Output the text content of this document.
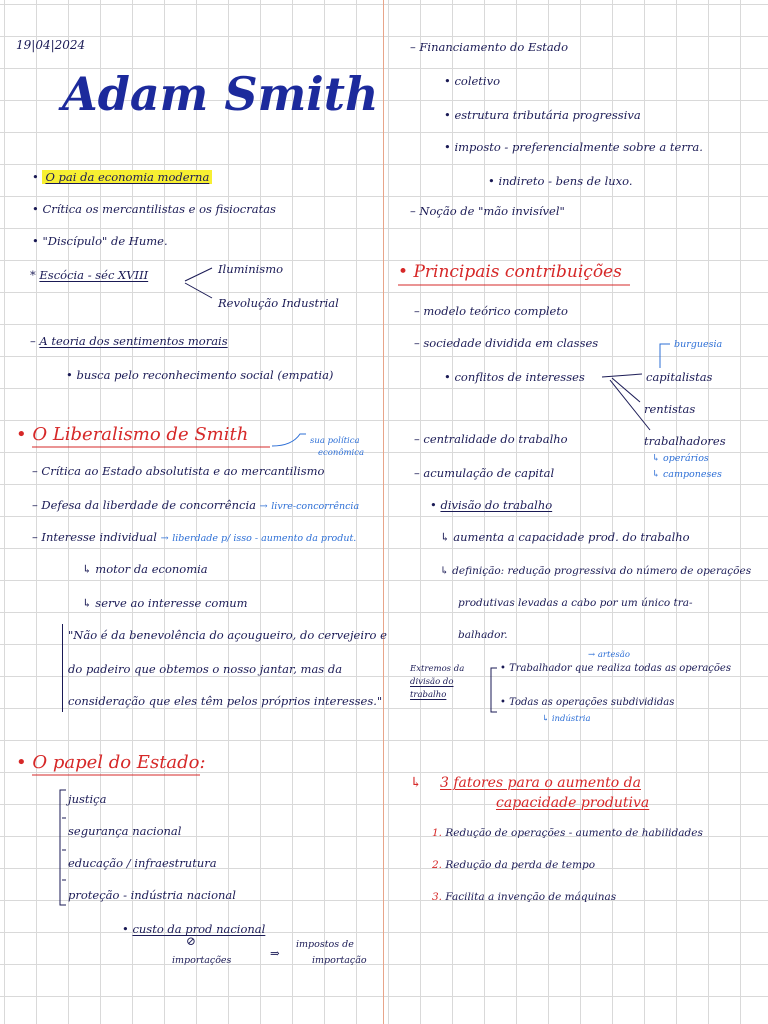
19|04|2024
Adam Smith
• O pai da economia moderna
• Crítica os mercantilistas e os fisiocratas
• "Discípulo" de Hume.
* Escócia - séc XVIII	Iluminismo
Revolução Industrial
– A teoria dos sentimentos morais
• busca pelo reconhecimento social (empatia)
• O Liberalismo de Smith	sua política
econômica
– Crítica ao Estado absolutista e ao mercantilismo
– Defesa da liberdade de concorrência → livre-concorrência
– Interesse individual → liberdade p/ isso - aumento da produt.
↳ motor da economia
↳ serve ao interesse comum
"Não é da benevolência do açougueiro, do cervejeiro e
do padeiro que obtemos o nosso jantar, mas da
consideração que eles têm pelos próprios interesses."
• O papel do Estado:
justiça
segurança nacional
educação / infraestrutura
proteção - indústria nacional
• custo da prod nacional
⊘
importações
⇒
impostos de
importação
– Financiamento do Estado
• coletivo
• estrutura tributária progressiva
• imposto - preferencialmente sobre a terra.
• indireto - bens de luxo.
– Noção de "mão invisível"
• Principais contribuições
– modelo teórico completo
– sociedade dividida em classes	burguesia
• conflitos de interesses	capitalistas
rentistas
trabalhadores
↳ operários
↳ camponeses
– centralidade do trabalho
– acumulação de capital
• divisão do trabalho
↳ aumenta a capacidade prod. do trabalho
↳ definição: redução progressiva do número de operações
produtivas levadas a cabo por um único tra-
balhador.
Extremos da
divisão do
trabalho
→ artesão
• Trabalhador que realiza todas as operações
• Todas as operações subdivididas
↳ indústria
↳ 3 fatores para o aumento da
capacidade produtiva
1. Redução de operações - aumento de habilidades
2. Redução da perda de tempo
3. Facilita a invenção de máquinas
